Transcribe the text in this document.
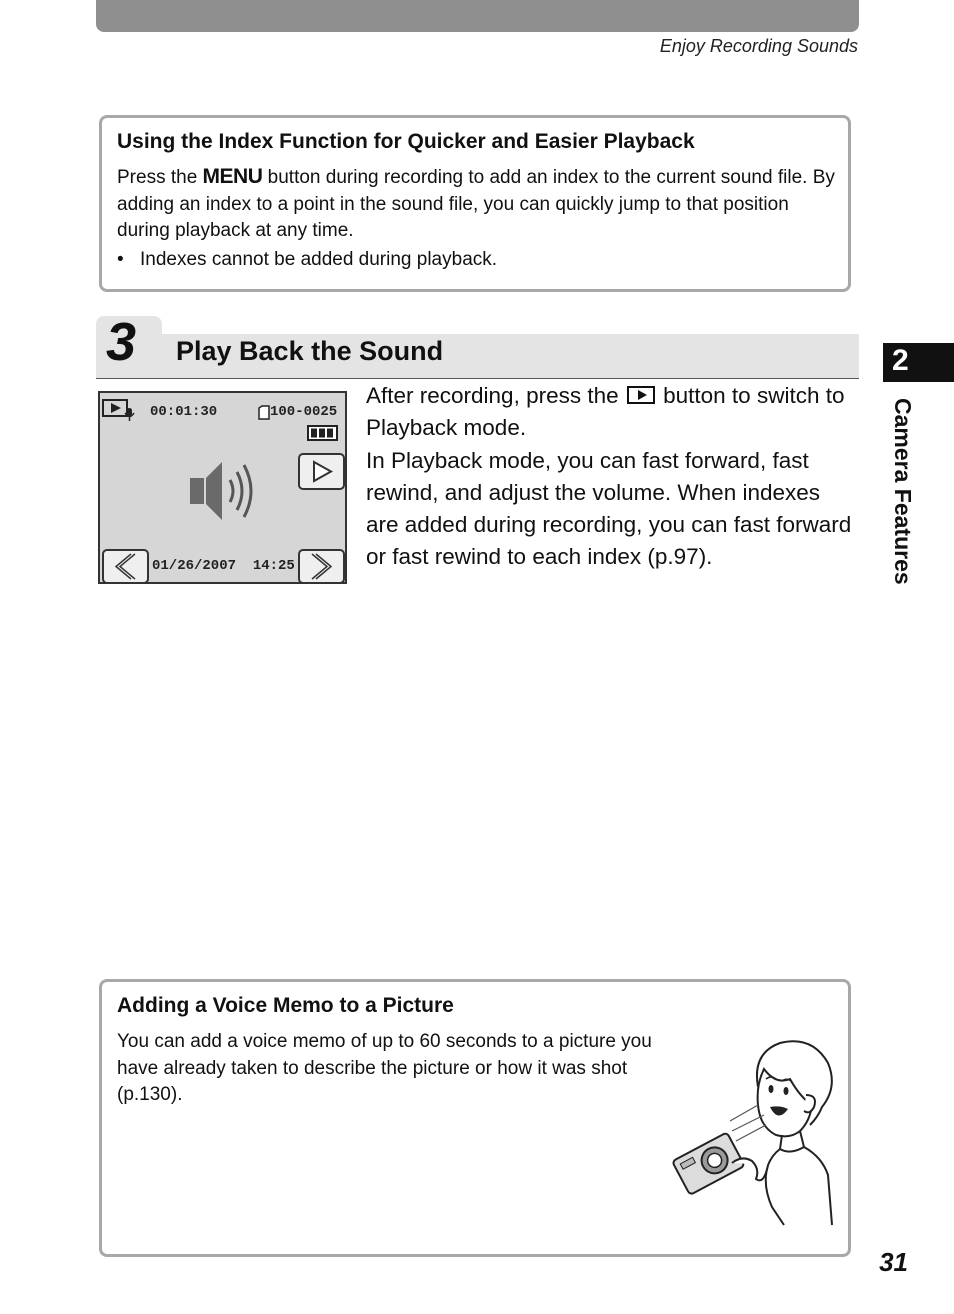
Enjoy Recording Sounds
Using the Index Function for Quicker and Easier Playback
Press the MENU button during recording to add an index to the current sound file. By adding an index to a point in the sound file, you can quickly jump to that position during playback at any time.
• Indexes cannot be added during playback.
3 Play Back the Sound
00:01:30	100-0025
01/26/2007  14:25
After recording, press the  button to switch to Playback mode.
In Playback mode, you can fast forward, fast rewind, and adjust the volume. When indexes are added during recording, you can fast forward or fast rewind to each index (p.97).
Adding a Voice Memo to a Picture
You can add a voice memo of up to 60 seconds to a picture you have already taken to describe the picture or how it was shot (p.130).
2
Camera Features
31
